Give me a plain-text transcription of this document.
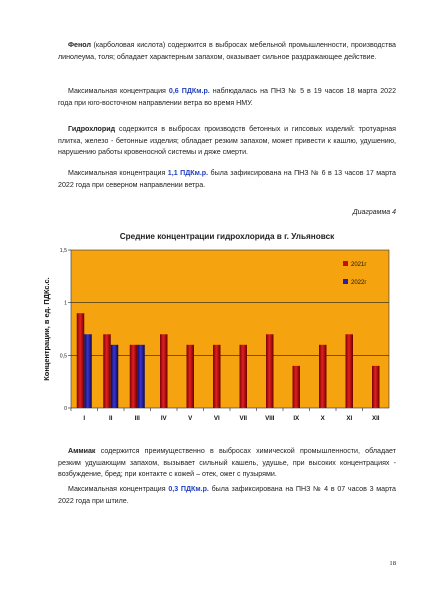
Фенол (карболовая кислота) содержится в выбросах мебельной промышленности, производства линолеума, толя; обладает характерным запахом, оказывает сильное раздражающее действие.
Максимальная концентрация 0,6 ПДКм.р. наблюдалась на ПНЗ № 5 в 19 часов 18 марта 2022 года при юго-восточном направлении ветра во время НМУ.
Гидрохлорид содержится в выбросах производств бетонных и гипсовых изделий: тротуарная плитка, железо - бетонные изделия; обладает резким запахом, может привести к кашлю, удушению, нарушению работы кровеносной системы и дяже смерти.
Максимальная концентрация 1,1 ПДКм.р. была зафиксирована на ПНЗ № 6 в 13 часов 17 марта 2022 года при северном направлении ветра.
Диаграмма 4
Средние концентрации гидрохлорида в г. Ульяновск
0
0,5
1
1,5
Концентрации, в ед. ПДКс.с.
I	II	III	IV	V	VI	VII	VIII	IX	X	XI	XII
2021г
2022г
Аммиак содержится преимущественно в выбросах химической промышленности, обладает резким удушающим запахом, вызывает сильный кашель, удушье, при высоких концентрациях - возбуждение, бред; при контакте с кожей – отек, ожег с пузырями.
Максимальная концентрация 0,3 ПДКм.р. была зафиксирована на ПНЗ № 4 в 07 часов 3 марта 2022 года при штиле.
18
